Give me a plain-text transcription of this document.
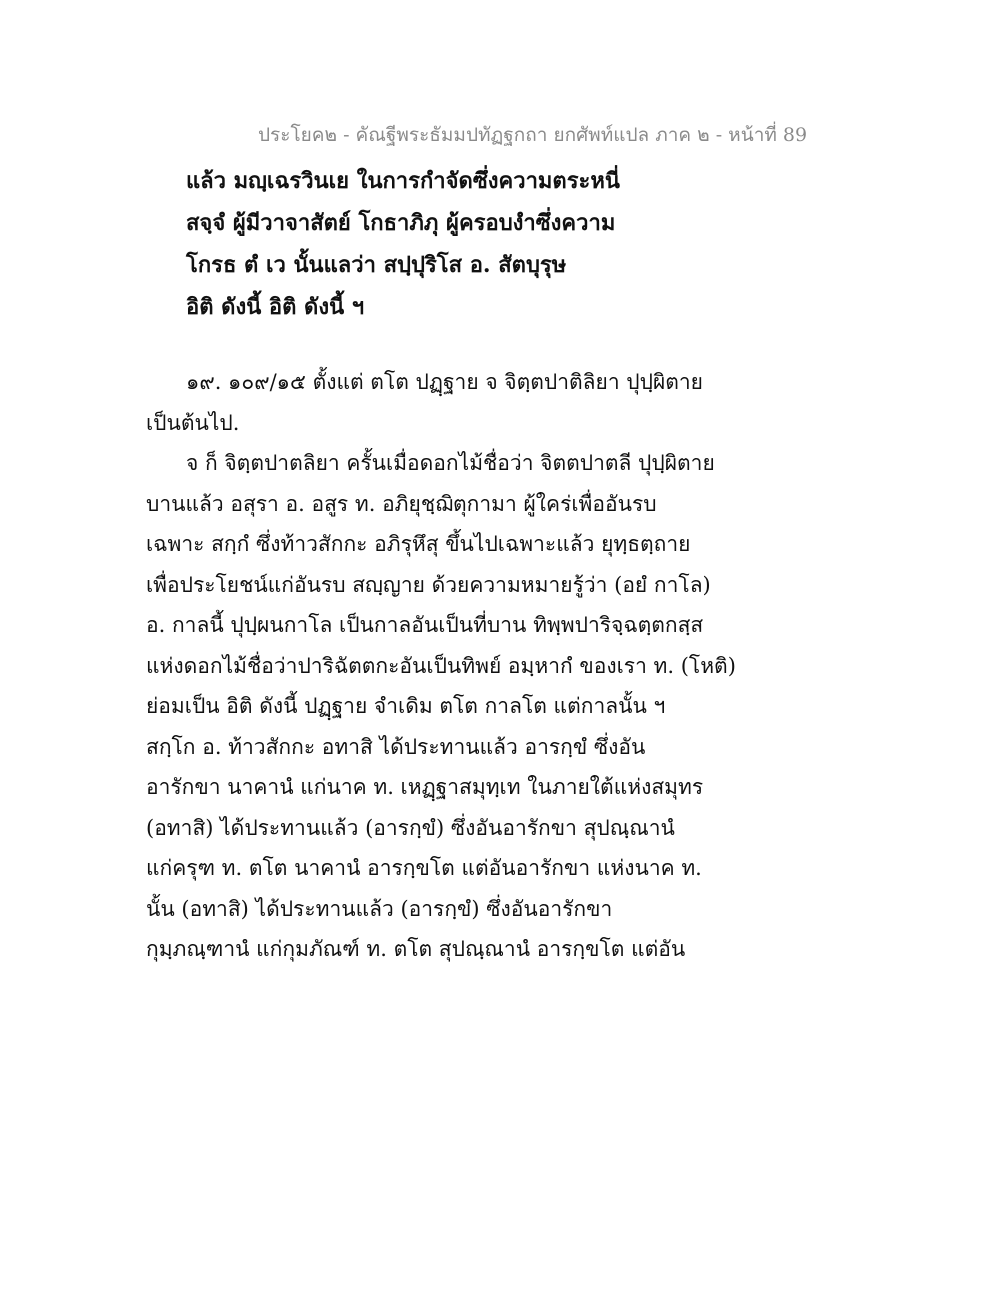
ประโยค๒ - คัณฐีพระธัมมปทัฏฐกถา ยกศัพท์แปล ภาค ๒ - หน้าที่ 89
แล้ว มญฺเฉรวินเย ในการกำจัดซึ่งความตระหนี่
สจฺจํ ผู้มีวาจาสัตย์ โกธาภิภุ ผู้ครอบงำซึ่งความ
โกรธ ตํ เว นั้นแลว่า สปฺปุริโส อ. สัตบุรุษ
อิติ ดังนี้ อิติ ดังนี้ ฯ
๑๙. ๑๐๙/๑๕ ตั้งแต่ ตโต ปฏฺฐาย จ จิตฺตปาติลิยา ปุปฺผิตาย
เป็นต้นไป.
จ ก็ จิตฺตปาตลิยา ครั้นเมื่อดอกไม้ชื่อว่า จิตตปาตลี ปุปฺผิตาย
บานแล้ว อสุรา อ. อสูร ท. อภิยุชฺฌิตุกามา ผู้ใคร่เพื่ออันรบ
เฉพาะ สกฺกํ ซึ่งท้าวสักกะ อภิรุหึสุ ขึ้นไปเฉพาะแล้ว ยุทฺธตฺถาย
เพื่อประโยชน์แก่อันรบ สญฺญาย ด้วยความหมายรู้ว่า (อยํ กาโล)
อ. กาลนี้ ปุปฺผนกาโล เป็นกาลอันเป็นที่บาน ทิพฺพปาริจฺฉตฺตกสฺส
แห่งดอกไม้ชื่อว่าปาริฉัตตกะอันเป็นทิพย์ อมฺหากํ ของเรา ท. (โหติ)
ย่อมเป็น อิติ ดังนี้ ปฏฺฐาย จำเดิม ตโต กาลโต แต่กาลนั้น ฯ
สกฺโก อ. ท้าวสักกะ อทาสิ ได้ประทานแล้ว อารกฺขํ ซึ่งอัน
อารักขา นาคานํ แก่นาค ท. เหฏฺฐาสมุทฺเท ในภายใต้แห่งสมุทร
(อทาสิ) ได้ประทานแล้ว (อารกฺขํ) ซึ่งอันอารักขา สุปณฺณานํ
แก่ครุฑ ท. ตโต นาคานํ อารกฺขโต แต่อันอารักขา แห่งนาค ท.
นั้น (อทาสิ) ได้ประทานแล้ว (อารกฺขํ) ซึ่งอันอารักขา
กุมฺภณฺฑานํ แก่กุมภัณฑ์ ท. ตโต สุปณฺณานํ อารกฺขโต แต่อัน
